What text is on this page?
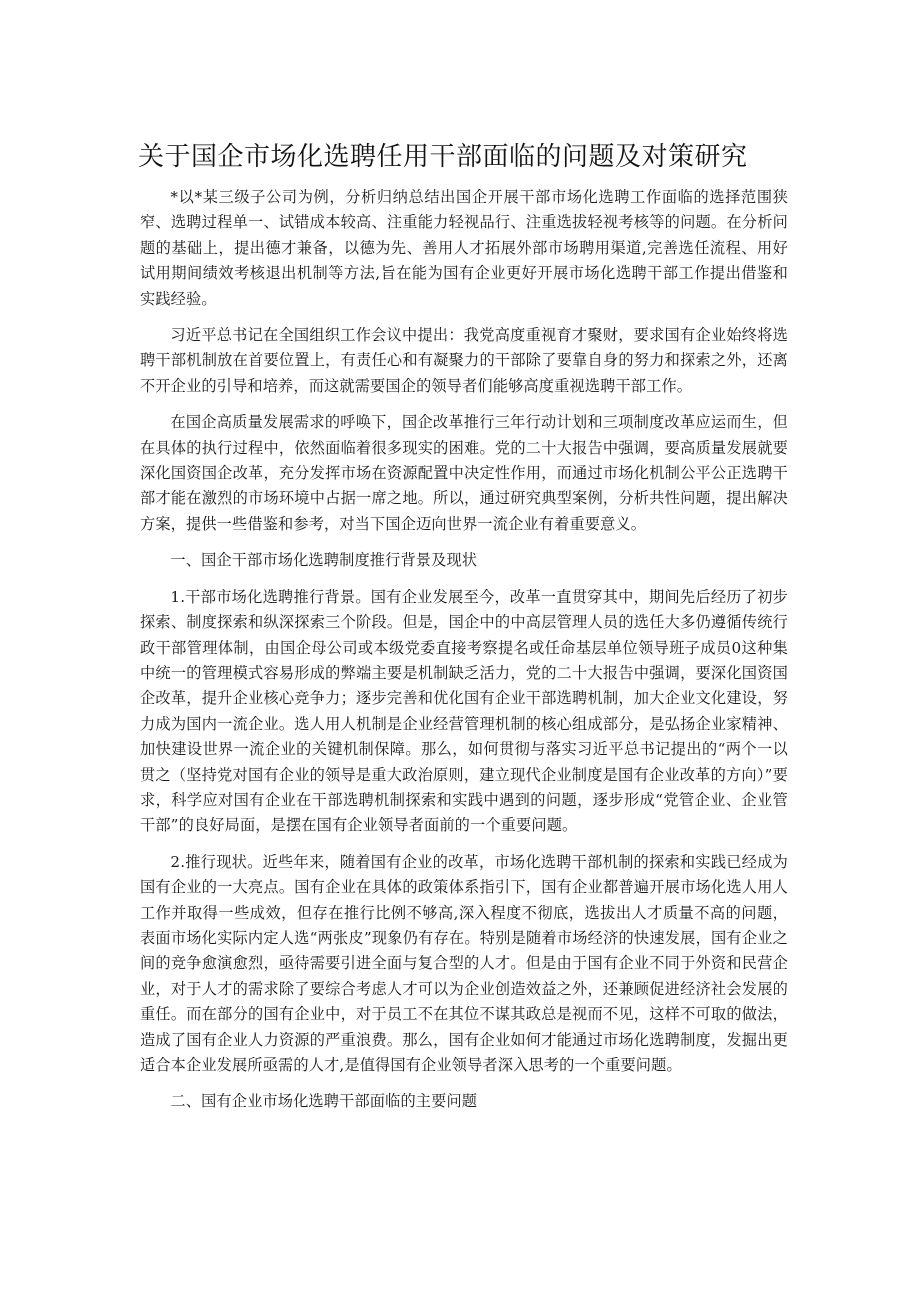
关于国企市场化选聘任用干部面临的问题及对策研究

*以*某三级子公司为例，分析归纳总结出国企开展干部市场化选聘工作面临的选择范围狭窄、选聘过程单一、试错成本较高、注重能力轻视品行、注重选拔轻视考核等的问题。在分析问题的基础上，提出德才兼备，以德为先、善用人才拓展外部市场聘用渠道,完善选任流程、用好试用期间绩效考核退出机制等方法,旨在能为国有企业更好开展市场化选聘干部工作提出借鉴和实践经验。

习近平总书记在全国组织工作会议中提出：我党高度重视育才聚财，要求国有企业始终将选聘干部机制放在首要位置上，有责任心和有凝聚力的干部除了要靠自身的努力和探索之外，还离不开企业的引导和培养，而这就需要国企的领导者们能够高度重视选聘干部工作。

在国企高质量发展需求的呼唤下，国企改革推行三年行动计划和三项制度改革应运而生，但在具体的执行过程中，依然面临着很多现实的困难。党的二十大报告中强调，要高质量发展就要深化国资国企改革，充分发挥市场在资源配置中决定性作用，而通过市场化机制公平公正选聘干部才能在激烈的市场环境中占据一席之地。所以，通过研究典型案例，分析共性问题，提出解决方案，提供一些借鉴和参考，对当下国企迈向世界一流企业有着重要意义。

一、国企干部市场化选聘制度推行背景及现状

1.干部市场化选聘推行背景。国有企业发展至今，改革一直贯穿其中，期间先后经历了初步探索、制度探索和纵深探索三个阶段。但是，国企中的中高层管理人员的选任大多仍遵循传统行政干部管理体制，由国企母公司或本级党委直接考察提名或任命基层单位领导班子成员0这种集中统一的管理模式容易形成的弊端主要是机制缺乏活力，党的二十大报告中强调，要深化国资国企改革，提升企业核心竞争力；逐步完善和优化国有企业干部选聘机制，加大企业文化建设，努力成为国内一流企业。选人用人机制是企业经营管理机制的核心组成部分，是弘扬企业家精神、加快建设世界一流企业的关键机制保障。那么，如何贯彻与落实习近平总书记提出的“两个一以贯之（坚持党对国有企业的领导是重大政治原则，建立现代企业制度是国有企业改革的方向）”要求，科学应对国有企业在干部选聘机制探索和实践中遇到的问题，逐步形成“党管企业、企业管干部”的良好局面，是摆在国有企业领导者面前的一个重要问题。

2.推行现状。近些年来，随着国有企业的改革，市场化选聘干部机制的探索和实践已经成为国有企业的一大亮点。国有企业在具体的政策体系指引下，国有企业都普遍开展市场化选人用人工作并取得一些成效，但存在推行比例不够高,深入程度不彻底，选拔出人才质量不高的问题，表面市场化实际内定人选“两张皮”现象仍有存在。特别是随着市场经济的快速发展，国有企业之间的竞争愈演愈烈，亟待需要引进全面与复合型的人才。但是由于国有企业不同于外资和民营企业，对于人才的需求除了要综合考虑人才可以为企业创造效益之外，还兼顾促进经济社会发展的重任。而在部分的国有企业中，对于员工不在其位不谋其政总是视而不见，这样不可取的做法，造成了国有企业人力资源的严重浪费。那么，国有企业如何才能通过市场化选聘制度，发掘出更适合本企业发展所亟需的人才,是值得国有企业领导者深入思考的一个重要问题。

二、国有企业市场化选聘干部面临的主要问题
